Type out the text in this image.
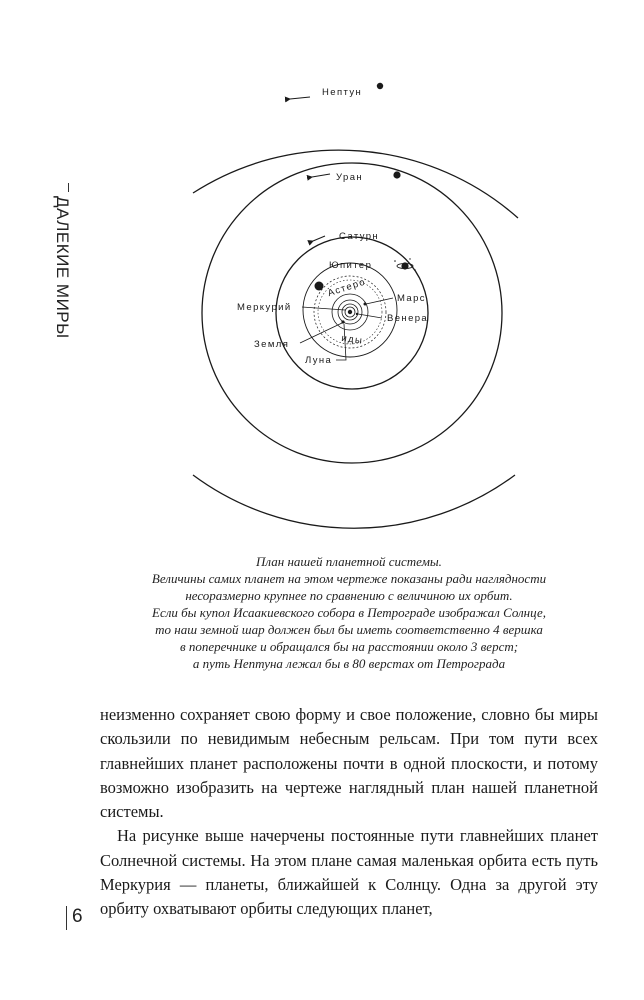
ДАЛЕКИЕ МИРЫ
Нептун
Уран
Сатурн
Юпитер
Астеро
иды
Марс
Меркурий
Венера
Земля
Луна
План нашей планетной системы.
Величины самих планет на этом чертеже показаны ради наглядности
несоразмерно крупнее по сравнению с величиною их орбит.
Если бы купол Исаакиевского собора в Петрограде изображал Солнце,
то наш земной шар должен был бы иметь соответственно 4 вершка
в поперечнике и обращался бы на расстоянии около 3 верст;
а путь Нептуна лежал бы в 80 верстах от Петрограда

неизменно сохраняет свою форму и свое положение, словно бы миры скользили по невидимым небесным рельсам. При том пути всех главнейших планет расположены почти в одной плоскости, и потому возможно изобразить на чертеже наглядный план нашей планетной системы.

На рисунке выше начерчены постоянные пути главнейших планет Солнечной системы. На этом плане самая маленькая орбита есть путь Меркурия — планеты, ближайшей к Солнцу. Одна за другой эту орбиту охватывают орбиты следующих планет,

6
